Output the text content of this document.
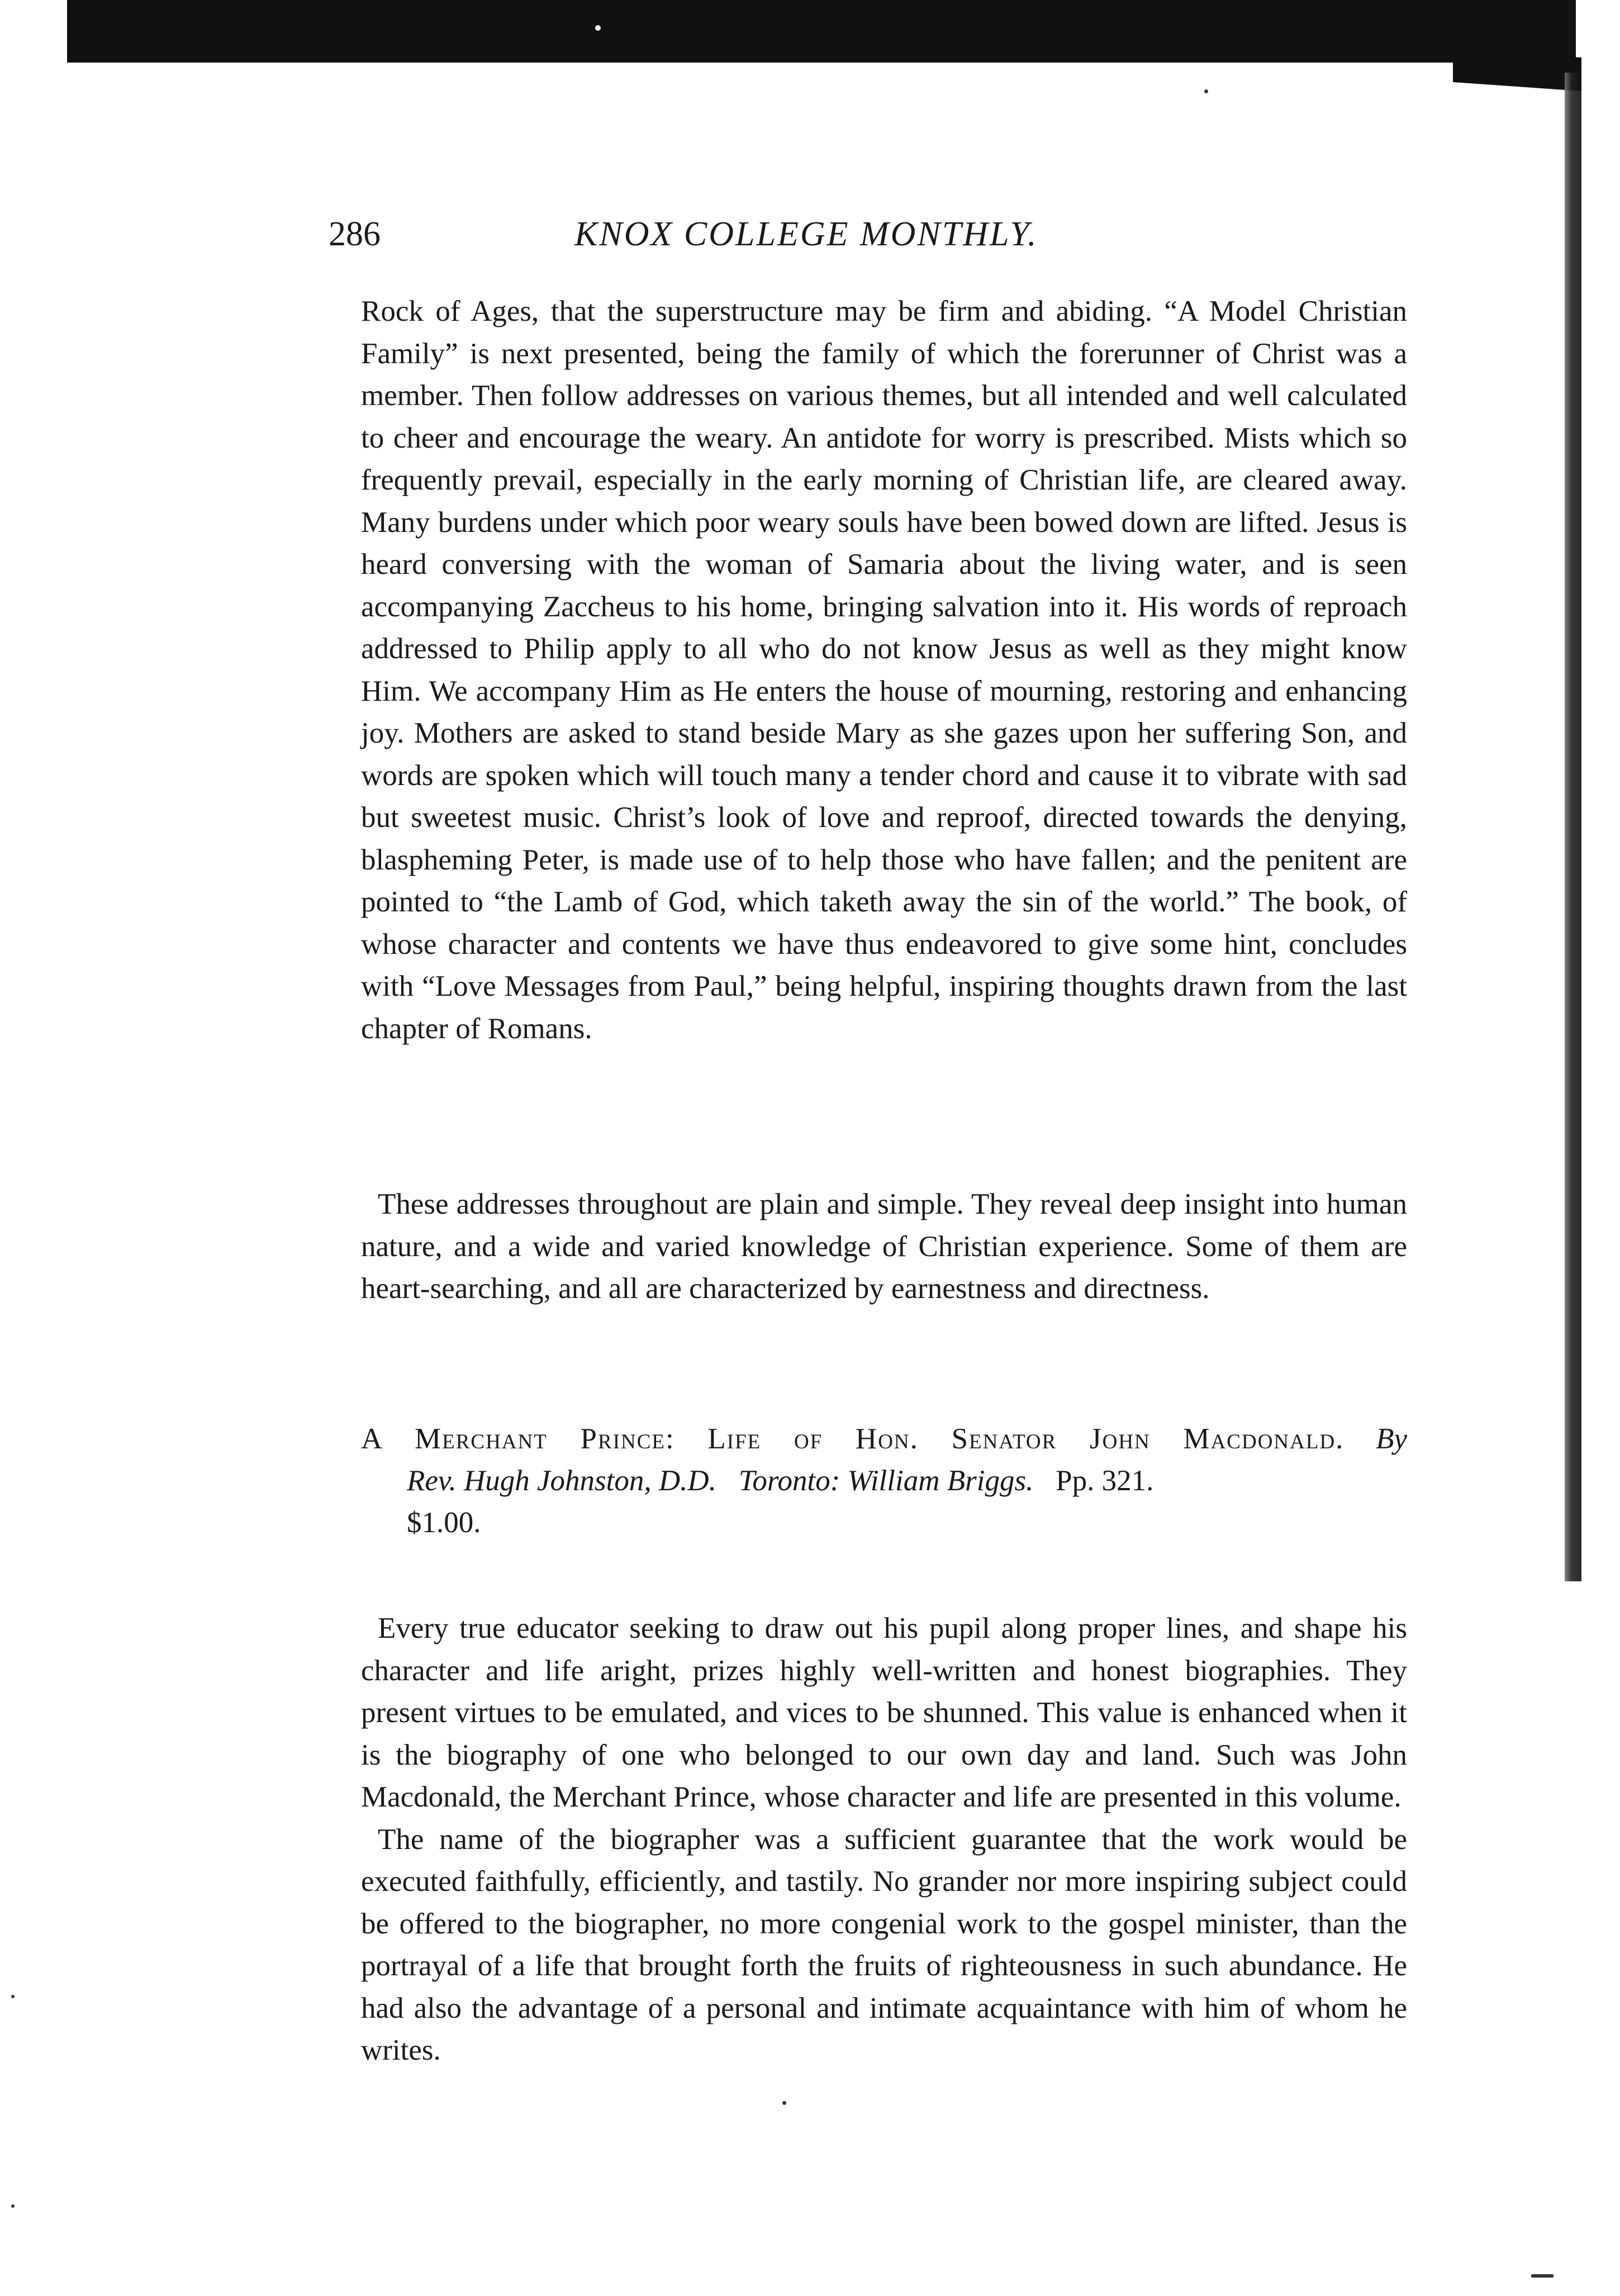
286	KNOX COLLEGE MONTHLY.

Rock of Ages, that the superstructure may be firm and abiding. “A Model Christian Family” is next presented, being the family of which the forerunner of Christ was a member. Then follow addresses on various themes, but all intended and well calculated to cheer and encourage the weary. An antidote for worry is prescribed. Mists which so frequently prevail, especially in the early morning of Christian life, are cleared away. Many burdens under which poor weary souls have been bowed down are lifted. Jesus is heard conversing with the woman of Samaria about the living water, and is seen accompanying Zaccheus to his home, bringing salvation into it. His words of reproach addressed to Philip apply to all who do not know Jesus as well as they might know Him. We accompany Him as He enters the house of mourning, restoring and enhancing joy. Mothers are asked to stand beside Mary as she gazes upon her suffering Son, and words are spoken which will touch many a tender chord and cause it to vibrate with sad but sweetest music. Christ’s look of love and reproof, directed towards the denying, blaspheming Peter, is made use of to help those who have fallen; and the penitent are pointed to “the Lamb of God, which taketh away the sin of the world.” The book, of whose character and contents we have thus endeavored to give some hint, concludes with “Love Messages from Paul,” being helpful, inspiring thoughts drawn from the last chapter of Romans.

These addresses throughout are plain and simple. They reveal deep insight into human nature, and a wide and varied knowledge of Christian experience. Some of them are heart-searching, and all are characterized by earnestness and directness.

A Merchant Prince: Life of Hon. Senator John Macdonald. By
Rev. Hugh Johnston, D.D. Toronto: William Briggs. Pp. 321.
$1.00.

Every true educator seeking to draw out his pupil along proper lines, and shape his character and life aright, prizes highly well-written and honest biographies. They present virtues to be emulated, and vices to be shunned. This value is enhanced when it is the biography of one who belonged to our own day and land. Such was John Macdonald, the Merchant Prince, whose character and life are presented in this volume.

The name of the biographer was a sufficient guarantee that the work would be executed faithfully, efficiently, and tastily. No grander nor more inspiring subject could be offered to the biographer, no more congenial work to the gospel minister, than the portrayal of a life that brought forth the fruits of righteousness in such abundance. He had also the advantage of a personal and intimate acquaintance with him of whom he writes.
